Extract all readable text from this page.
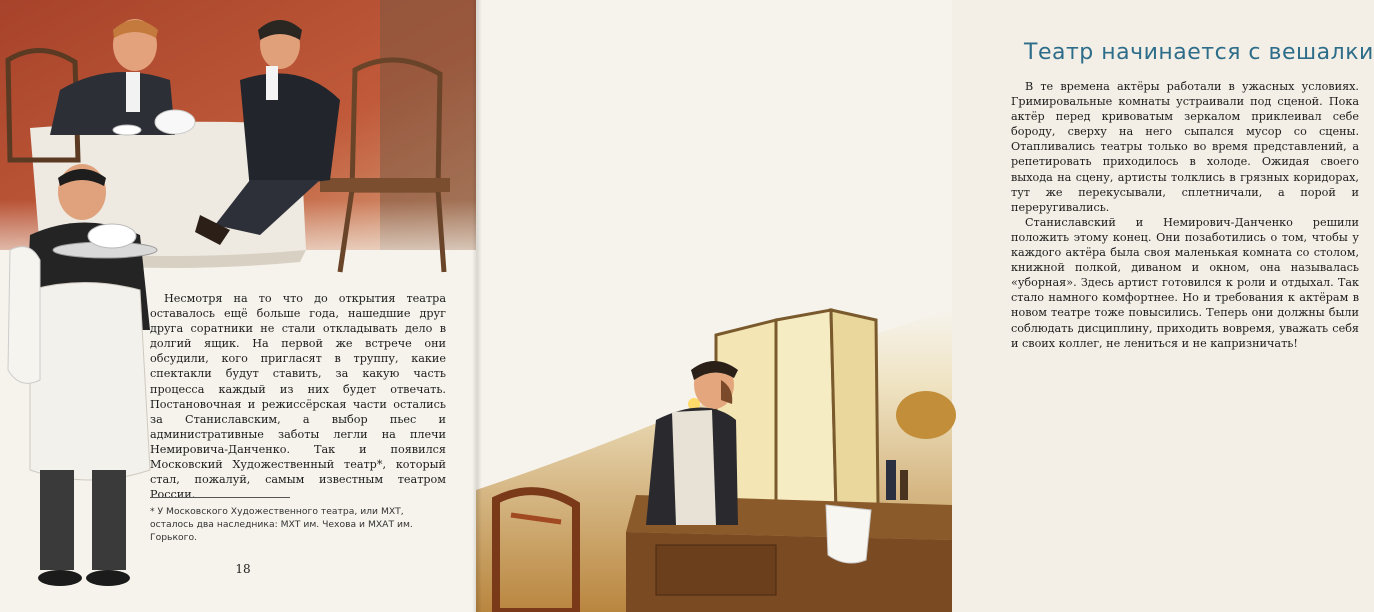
Несмотря на то что до открытия театра оставалось ещё больше года, нашедшие друг друга соратники не стали откладывать дело в долгий ящик. На первой же встрече они обсудили, кого пригласят в труппу, какие спектакли будут ставить, за какую часть процесса каждый из них будет отвечать. Постановочная и режиссёрская части остались за Станиславским, а выбор пьес и административные заботы легли на плечи Немировича-Данченко. Так и появился Московский Художественный театр*, который стал, пожалуй, самым известным театром России.

* У Московского Художественного театра, или МХТ, осталось два наследника: МХТ им. Чехова и МХАТ им. Горького.
18
Театр начинается с вешалки

В те времена актёры работали в ужасных условиях. Гримировальные комнаты устраивали под сценой. Пока актёр перед кривоватым зеркалом приклеивал себе бороду, сверху на него сыпался мусор со сцены. Отапливались театры только во время представлений, а репетировать приходилось в холоде. Ожидая своего выхода на сцену, артисты толклись в грязных коридорах, тут же перекусывали, сплетничали, а порой и переругивались.

Станиславский и Немирович-Данченко решили положить этому конец. Они позаботились о том, чтобы у каждого актёра была своя маленькая комната со столом, книжной полкой, диваном и окном, она называлась «уборная». Здесь артист готовился к роли и отдыхал. Так стало намного комфортнее. Но и требования к актёрам в новом театре тоже повысились. Теперь они должны были соблюдать дисциплину, приходить вовремя, уважать себя и своих коллег, не лениться и не капризничать!
